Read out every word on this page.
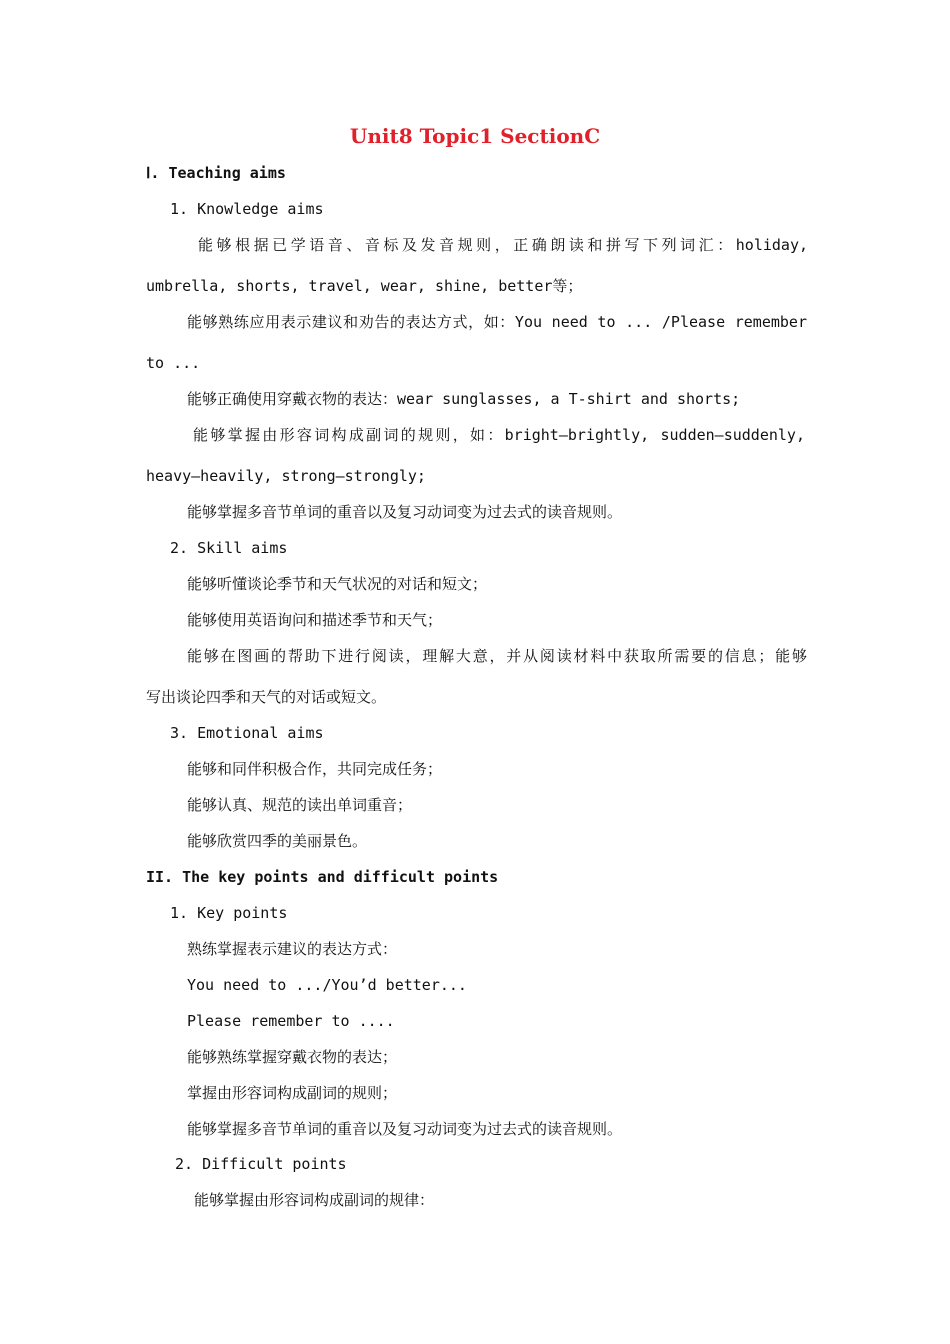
Unit8 Topic1 SectionC
Ⅰ. Teaching aims
1. Knowledge aims
能够根据已学语音、音标及发音规则，正确朗读和拼写下列词汇：holiday,
umbrella, shorts, travel, wear, shine, better等；
能够熟练应用表示建议和劝告的表达方式，如：You need to ... /Please remember
to ...
能够正确使用穿戴衣物的表达：wear sunglasses, a T-shirt and shorts;
能够掌握由形容词构成副词的规则，如：bright—brightly, sudden—suddenly,
heavy—heavily, strong—strongly;
能够掌握多音节单词的重音以及复习动词变为过去式的读音规则。
2. Skill aims
能够听懂谈论季节和天气状况的对话和短文；
能够使用英语询问和描述季节和天气；
能够在图画的帮助下进行阅读，理解大意，并从阅读材料中获取所需要的信息；能够
写出谈论四季和天气的对话或短文。
3. Emotional aims
能够和同伴积极合作，共同完成任务；
能够认真、规范的读出单词重音；
能够欣赏四季的美丽景色。
II. The key points and difficult points
1. Key points
熟练掌握表示建议的表达方式：
You need to .../You’d better...
Please remember to ....
能够熟练掌握穿戴衣物的表达；
掌握由形容词构成副词的规则；
能够掌握多音节单词的重音以及复习动词变为过去式的读音规则。
2. Difficult points
能够掌握由形容词构成副词的规律：
